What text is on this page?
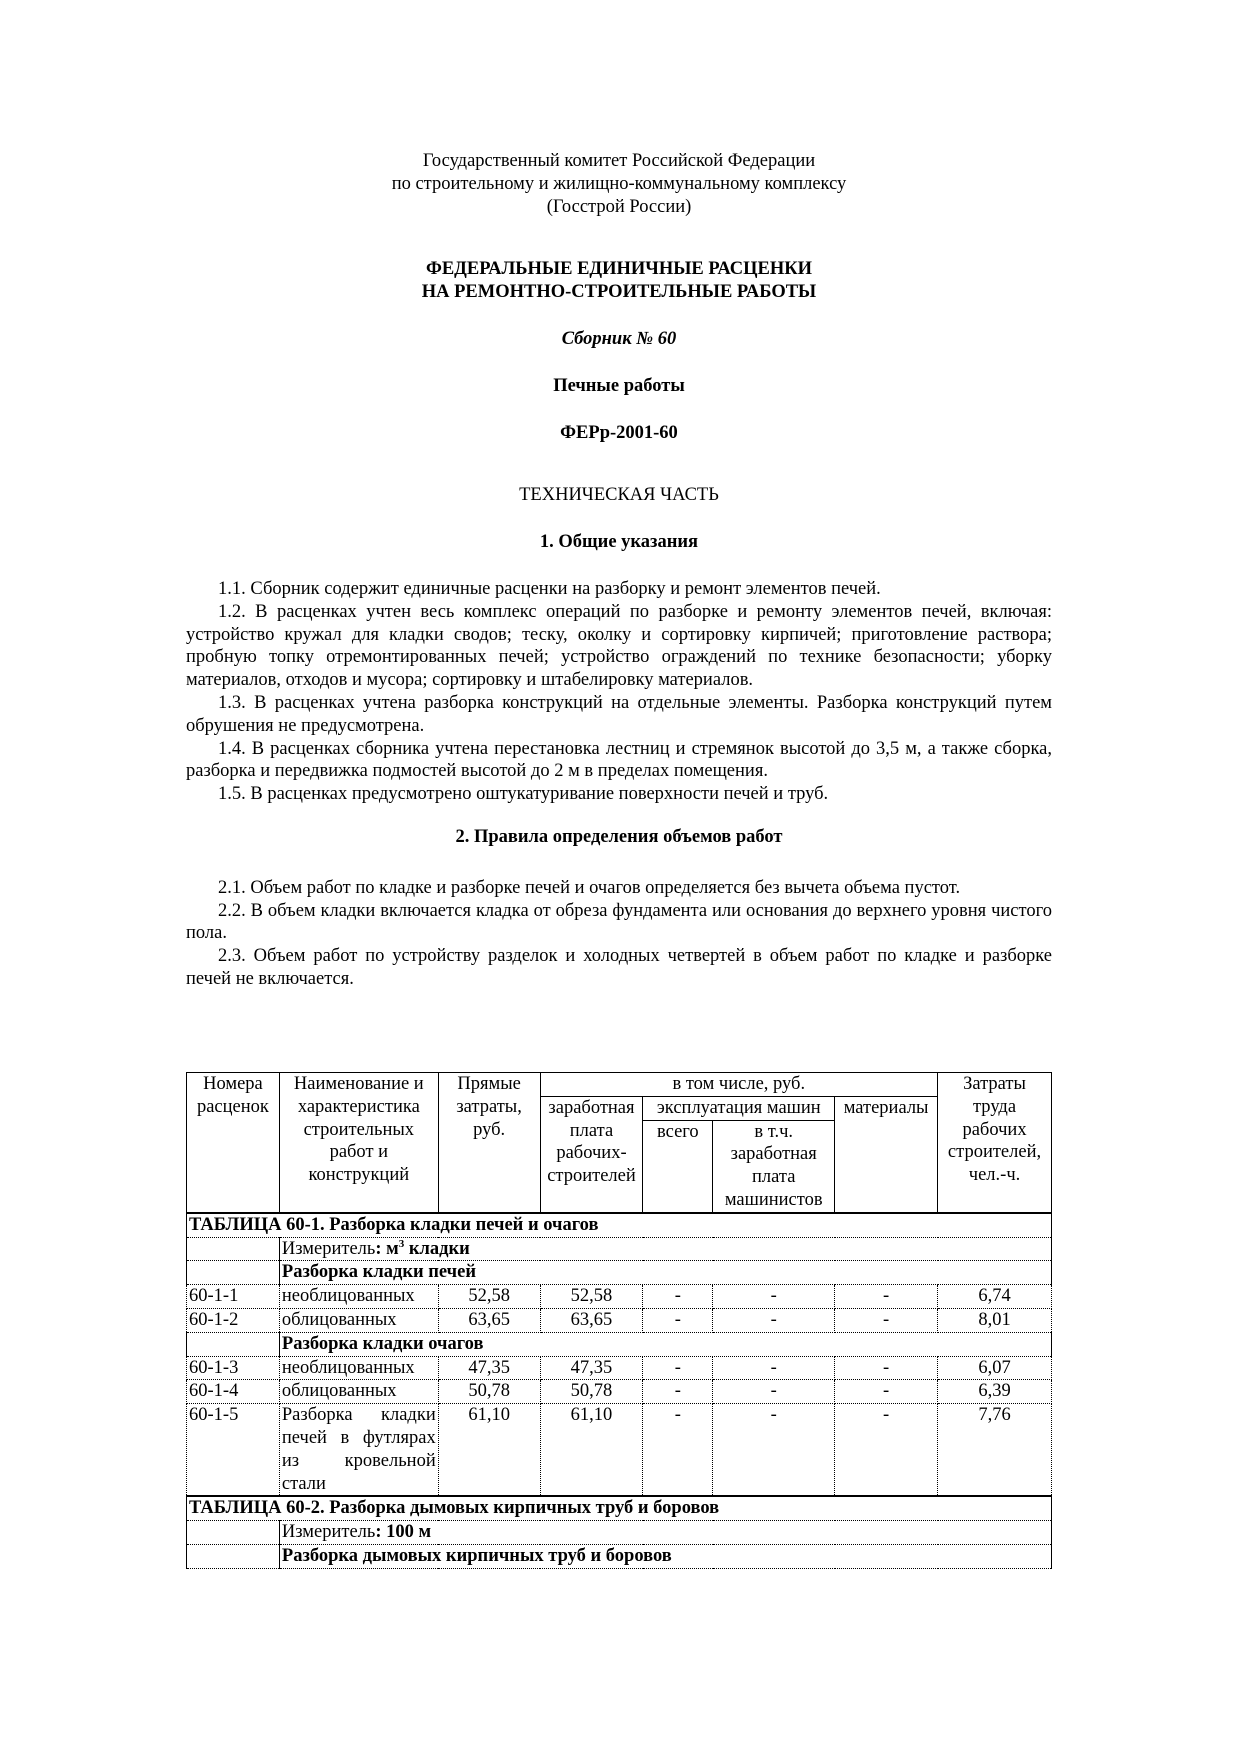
Государственный комитет Российской Федерации
по строительному и жилищно-коммунальному комплексу
(Госстрой России)
ФЕДЕРАЛЬНЫЕ ЕДИНИЧНЫЕ РАСЦЕНКИ
НА РЕМОНТНО-СТРОИТЕЛЬНЫЕ РАБОТЫ
Сборник № 60
Печные работы
ФЕРр-2001-60
ТЕХНИЧЕСКАЯ ЧАСТЬ
1. Общие указания

1.1. Сборник содержит единичные расценки на разборку и ремонт элементов печей.

1.2. В расценках учтен весь комплекс операций по разборке и ремонту элементов печей, включая: устройство кружал для кладки сводов; теску, околку и сортировку кирпичей; приготовление раствора; пробную топку отремонтированных печей; устройство ограждений по технике безопасности; уборку материалов, отходов и мусора; сортировку и штабелировку материалов.

1.3. В расценках учтена разборка конструкций на отдельные элементы. Разборка конструкций путем обрушения не предусмотрена.

1.4. В расценках сборника учтена перестановка лестниц и стремянок высотой до 3,5 м, а также сборка, разборка и передвижка подмостей высотой до 2 м в пределах помещения.

1.5. В расценках предусмотрено оштукатуривание поверхности печей и труб.

2. Правила определения объемов работ

2.1. Объем работ по кладке и разборке печей и очагов определяется без вычета объема пустот.

2.2. В объем кладки включается кладка от обреза фундамента или основания до верхнего уровня чистого пола.

2.3. Объем работ по устройству разделок и холодных четвертей в объем работ по кладке и разборке печей не включается.

Номера расценок	Наименование и характеристика строительных работ и конструкций	Прямые затраты, руб.	в том числе, руб.				Затраты труда рабочих строителей, чел.-ч.
			заработная плата рабочих-строителей	эксплуатация машин		материалы	
				всего	в т.ч. заработная плата машинистов		
ТАБЛИЦА 60-1. Разборка кладки печей и очагов							
	Измеритель: $м^3$ кладки						
	Разборка кладки печей						
60-1-1	необлицованных	52,58	52,58	-	-	-	6,74
60-1-2	облицованных	63,65	63,65	-	-	-	8,01
	Разборка кладки очагов						
60-1-3	необлицованных	47,35	47,35	-	-	-	6,07
60-1-4	облицованных	50,78	50,78	-	-	-	6,39
60-1-5	Разборка кладки печей в футлярах из кровельной стали	61,10	61,10	-	-	-	7,76
ТАБЛИЦА 60-2. Разборка дымовых кирпичных труб и боровов							
	Измеритель: 100 м						
	Разборка дымовых кирпичных труб и боровов						
